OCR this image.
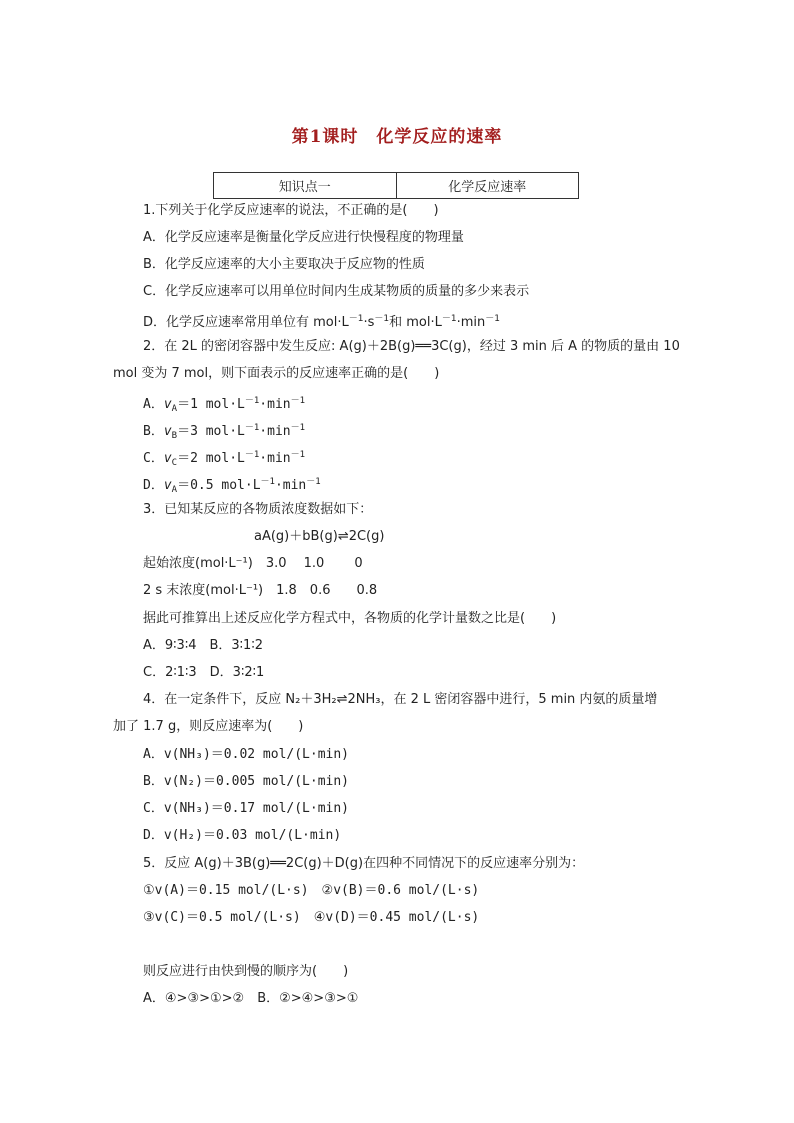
第1课时　化学反应的速率
知识点一	化学反应速率
1.下列关于化学反应速率的说法，不正确的是(　　)
A．化学反应速率是衡量化学反应进行快慢程度的物理量
B．化学反应速率的大小主要取决于反应物的性质
C．化学反应速率可以用单位时间内生成某物质的质量的多少来表示
D．化学反应速率常用单位有 $mol\cdot L^{-1}\cdot s^{-1}$和 $mol\cdot L^{-1}\cdot\min^{-1}$
2．在 2L 的密闭容器中发生反应: A(g)＋2B(g)══3C(g)，经过 3 min 后 A 的物质的量由 10
mol 变为 7 mol，则下面表示的反应速率正确的是(　　)
A．$v_A=1$ $mol\cdot L^{-1}\cdot\min^{-1}$
B．$v_B=3$ $mol\cdot L^{-1}\cdot\min^{-1}$
C．$v_C=2$ $mol\cdot L^{-1}\cdot\min^{-1}$
D．$v_A=0.5$ $mol\cdot L^{-1}\cdot\min^{-1}$
3．已知某反应的各物质浓度数据如下：
aA(g)＋bB(g)⇌2C(g)
起始浓度(mol·L⁻¹)　3.0　 1.0　　 0
2 s 末浓度(mol·L⁻¹)　1.8　0.6　　0.8
据此可推算出上述反应化学方程式中，各物质的化学计量数之比是(　　)
A．9∶3∶4　B．3∶1∶2
C．2∶1∶3　D．3∶2∶1
4．在一定条件下，反应 N₂＋3H₂⇌2NH₃，在 2 L 密闭容器中进行，5 min 内氨的质量增
加了 1.7 g，则反应速率为(　　)
A．v(NH₃)＝0.02 mol/(L·min)
B．v(N₂)＝0.005 mol/(L·min)
C．v(NH₃)＝0.17 mol/(L·min)
D．v(H₂)＝0.03 mol/(L·min)
5．反应 A(g)＋3B(g)══2C(g)＋D(g)在四种不同情况下的反应速率分别为：
①v(A)＝0.15 mol/(L·s)　②v(B)＝0.6 mol/(L·s)
③v(C)＝0.5 mol/(L·s)　④v(D)＝0.45 mol/(L·s)
则反应进行由快到慢的顺序为(　　)
A．④>③>①>②　B．②>④>③>①
